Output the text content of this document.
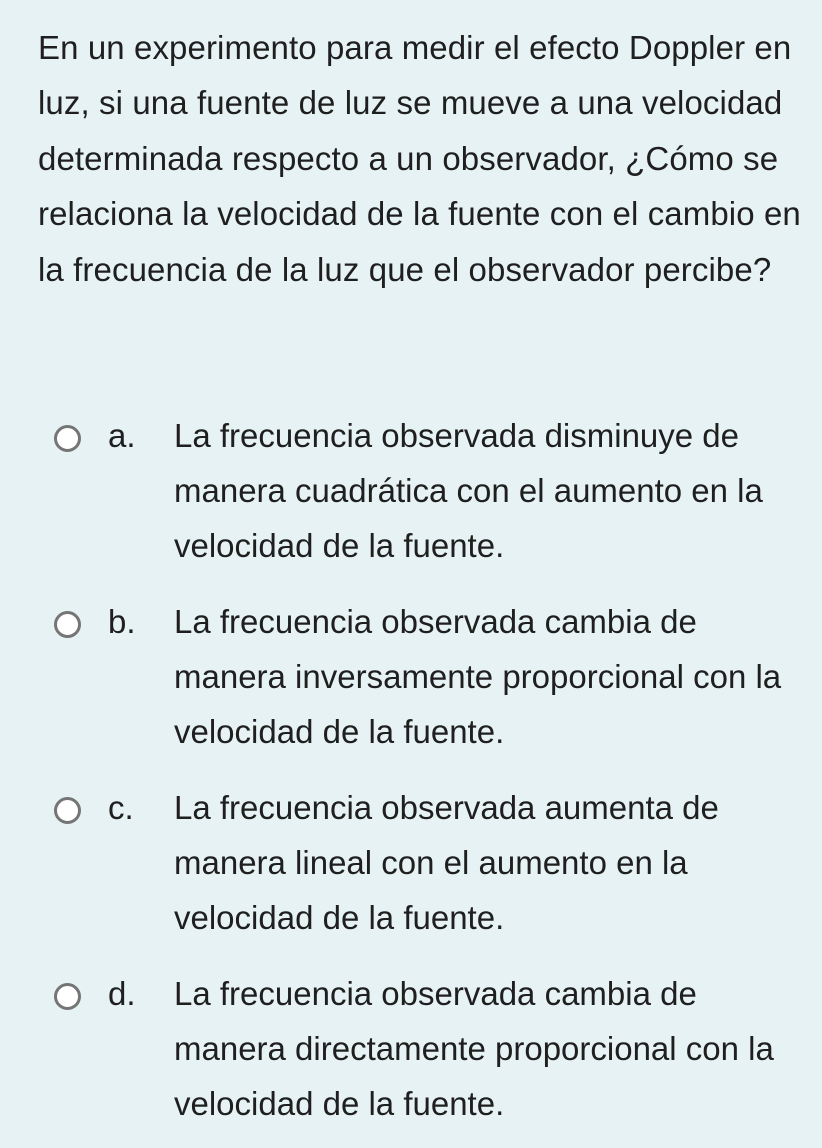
En un experimento para medir el efecto Doppler en luz, si una fuente de luz se mueve a una velocidad determinada respecto a un observador, ¿Cómo se relaciona la velocidad de la fuente con el cambio en la frecuencia de la luz que el observador percibe?

a. La frecuencia observada disminuye de manera cuadrática con el aumento en la velocidad de la fuente.
b. La frecuencia observada cambia de manera inversamente proporcional con la velocidad de la fuente.
c. La frecuencia observada aumenta de manera lineal con el aumento en la velocidad de la fuente.
d. La frecuencia observada cambia de manera directamente proporcional con la velocidad de la fuente.
